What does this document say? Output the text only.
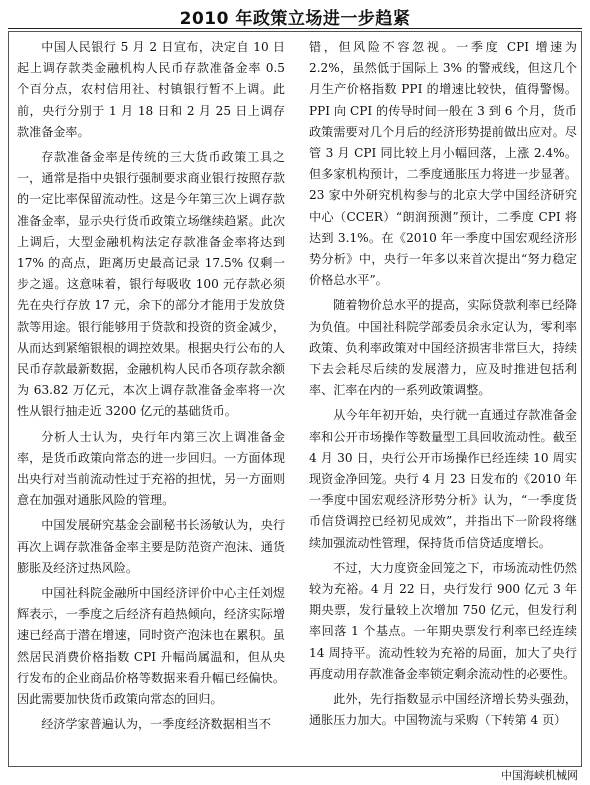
2010 年政策立场进一步趋紧

中国人民银行 5 月 2 日宣布，决定自 10 日起上调存款类金融机构人民币存款准备金率 0.5 个百分点，农村信用社、村镇银行暂不上调。此前，央行分别于 1 月 18 日和 2 月 25 日上调存款准备金率。

存款准备金率是传统的三大货币政策工具之一，通常是指中央银行强制要求商业银行按照存款的一定比率保留流动性。这是今年第三次上调存款准备金率，显示央行货币政策立场继续趋紧。此次上调后，大型金融机构法定存款准备金率将达到 17% 的高点，距离历史最高记录 17.5% 仅剩一步之遥。这意味着，银行每吸收 100 元存款必须先在央行存放 17 元，余下的部分才能用于发放贷款等用途。银行能够用于贷款和投资的资金减少，从而达到紧缩银根的调控效果。根据央行公布的人民币存款最新数据，金融机构人民币各项存款余额为 63.82 万亿元，本次上调存款准备金率将一次性从银行抽走近 3200 亿元的基础货币。

分析人士认为，央行年内第三次上调准备金率，是货币政策向常态的进一步回归。一方面体现出央行对当前流动性过于充裕的担忧，另一方面则意在加强对通胀风险的管理。

中国发展研究基金会副秘书长汤敏认为，央行再次上调存款准备金率主要是防范资产泡沫、通货膨胀及经济过热风险。

中国社科院金融所中国经济评价中心主任刘煜辉表示，一季度之后经济有趋热倾向，经济实际增速已经高于潜在增速，同时资产泡沫也在累积。虽然居民消费价格指数 CPI 升幅尚属温和，但从央行发布的企业商品价格等数据来看升幅已经偏快。因此需要加快货币政策向常态的回归。

经济学家普遍认为，一季度经济数据相当不

错，但风险不容忽视。一季度 CPI 增速为 2.2%，虽然低于国际上 3% 的警戒线，但这几个月生产价格指数 PPI 的增速比较快，值得警惕。PPI 向 CPI 的传导时间一般在 3 到 6 个月，货币政策需要对几个月后的经济形势提前做出应对。尽管 3 月 CPI 同比较上月小幅回落，上涨 2.4%。但多家机构预计，二季度通胀压力将进一步显著。23 家中外研究机构参与的北京大学中国经济研究中心（CCER）“朗润预测”预计，二季度 CPI 将达到 3.1%。在《2010 年一季度中国宏观经济形势分析》中，央行一年多以来首次提出“努力稳定价格总水平”。

随着物价总水平的提高，实际贷款利率已经降为负值。中国社科院学部委员余永定认为，零利率政策、负利率政策对中国经济损害非常巨大，持续下去会耗尽后续的发展潜力，应及时推进包括利率、汇率在内的一系列政策调整。

从今年年初开始，央行就一直通过存款准备金率和公开市场操作等数量型工具回收流动性。截至 4 月 30 日，央行公开市场操作已经连续 10 周实现资金净回笼。央行 4 月 23 日发布的《2010 年一季度中国宏观经济形势分析》认为，“一季度货币信贷调控已经初见成效”，并指出下一阶段将继续加强流动性管理，保持货币信贷适度增长。

不过，大力度资金回笼之下，市场流动性仍然较为充裕。4 月 22 日，央行发行 900 亿元 3 年期央票，发行量较上次增加 750 亿元，但发行利率回落 1 个基点。一年期央票发行利率已经连续 14 周持平。流动性较为充裕的局面，加大了央行再度动用存款准备金率锁定剩余流动性的必要性。

此外，先行指数显示中国经济增长势头强劲，通胀压力加大。中国物流与采购（下转第 4 页）

中国海峡机械网
